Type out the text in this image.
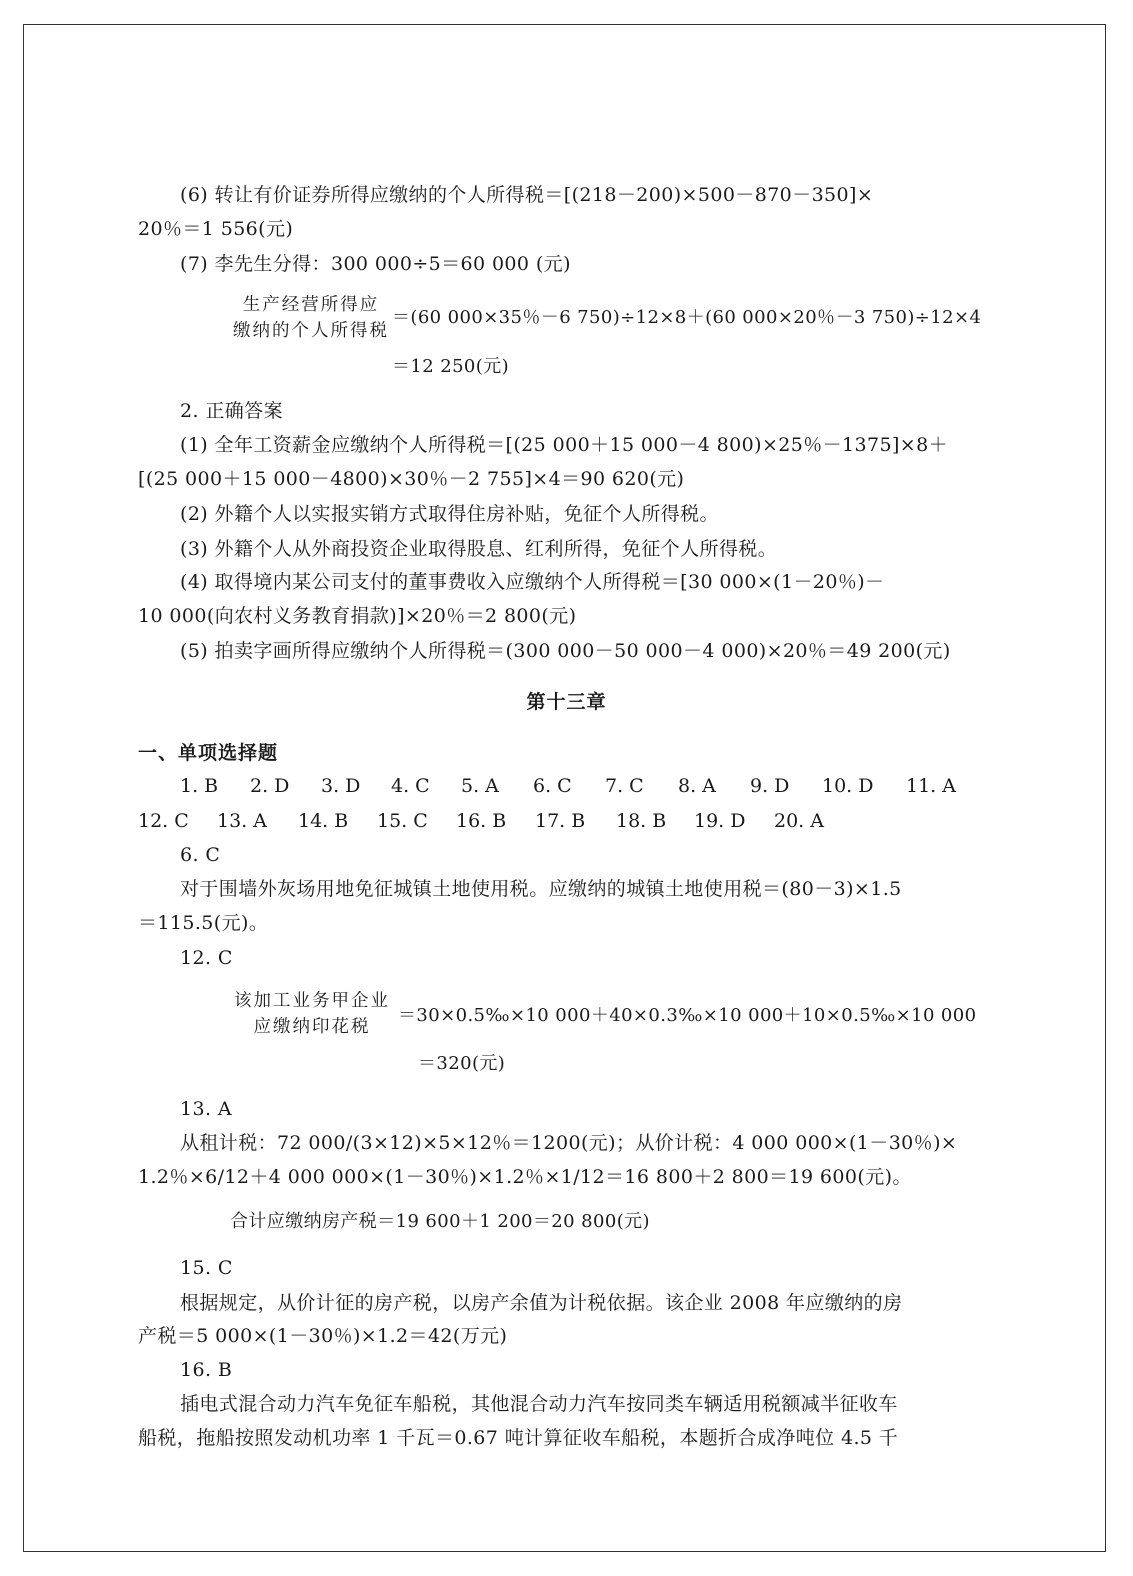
(6) 转让有价证券所得应缴纳的个人所得税＝[(218－200)×500－870－350]×
20％＝1 556(元)
(7) 李先生分得：300 000÷5＝60 000 (元)
生产经营所得应
缴纳的个人所得税
＝(60 000×35％－6 750)÷12×8＋(60 000×20％－3 750)÷12×4
＝12 250(元)
2. 正确答案
(1) 全年工资薪金应缴纳个人所得税＝[(25 000＋15 000－4 800)×25％－1375]×8＋
[(25 000＋15 000－4800)×30％－2 755]×4＝90 620(元)
(2) 外籍个人以实报实销方式取得住房补贴，免征个人所得税。
(3) 外籍个人从外商投资企业取得股息、红利所得，免征个人所得税。
(4) 取得境内某公司支付的董事费收入应缴纳个人所得税＝[30 000×(1－20％)－
10 000(向农村义务教育捐款)]×20％＝2 800(元)
(5) 拍卖字画所得应缴纳个人所得税＝(300 000－50 000－4 000)×20％＝49 200(元)
第十三章
一、单项选择题
1. B 2. D 3. D 4. C 5. A 6. C 7. C 8. A 9. D 10. D 11. A
12. C 13. A 14. B 15. C 16. B 17. B 18. B 19. D 20. A
6. C
对于围墙外灰场用地免征城镇土地使用税。应缴纳的城镇土地使用税＝(80－3)×1.5
＝115.5(元)。
12. C
该加工业务甲企业
应缴纳印花税
＝30×0.5‰×10 000＋40×0.3‰×10 000＋10×0.5‰×10 000
＝320(元)
13. A
从租计税：72 000/(3×12)×5×12％＝1200(元)；从价计税：4 000 000×(1－30％)×
1.2％×6/12＋4 000 000×(1－30％)×1.2％×1/12＝16 800＋2 800＝19 600(元)。
合计应缴纳房产税＝19 600＋1 200＝20 800(元)
15. C
根据规定，从价计征的房产税，以房产余值为计税依据。该企业 2008 年应缴纳的房
产税＝5 000×(1－30％)×1.2＝42(万元)
16. B
插电式混合动力汽车免征车船税，其他混合动力汽车按同类车辆适用税额减半征收车
船税，拖船按照发动机功率 1 千瓦＝0.67 吨计算征收车船税，本题折合成净吨位 4.5 千
